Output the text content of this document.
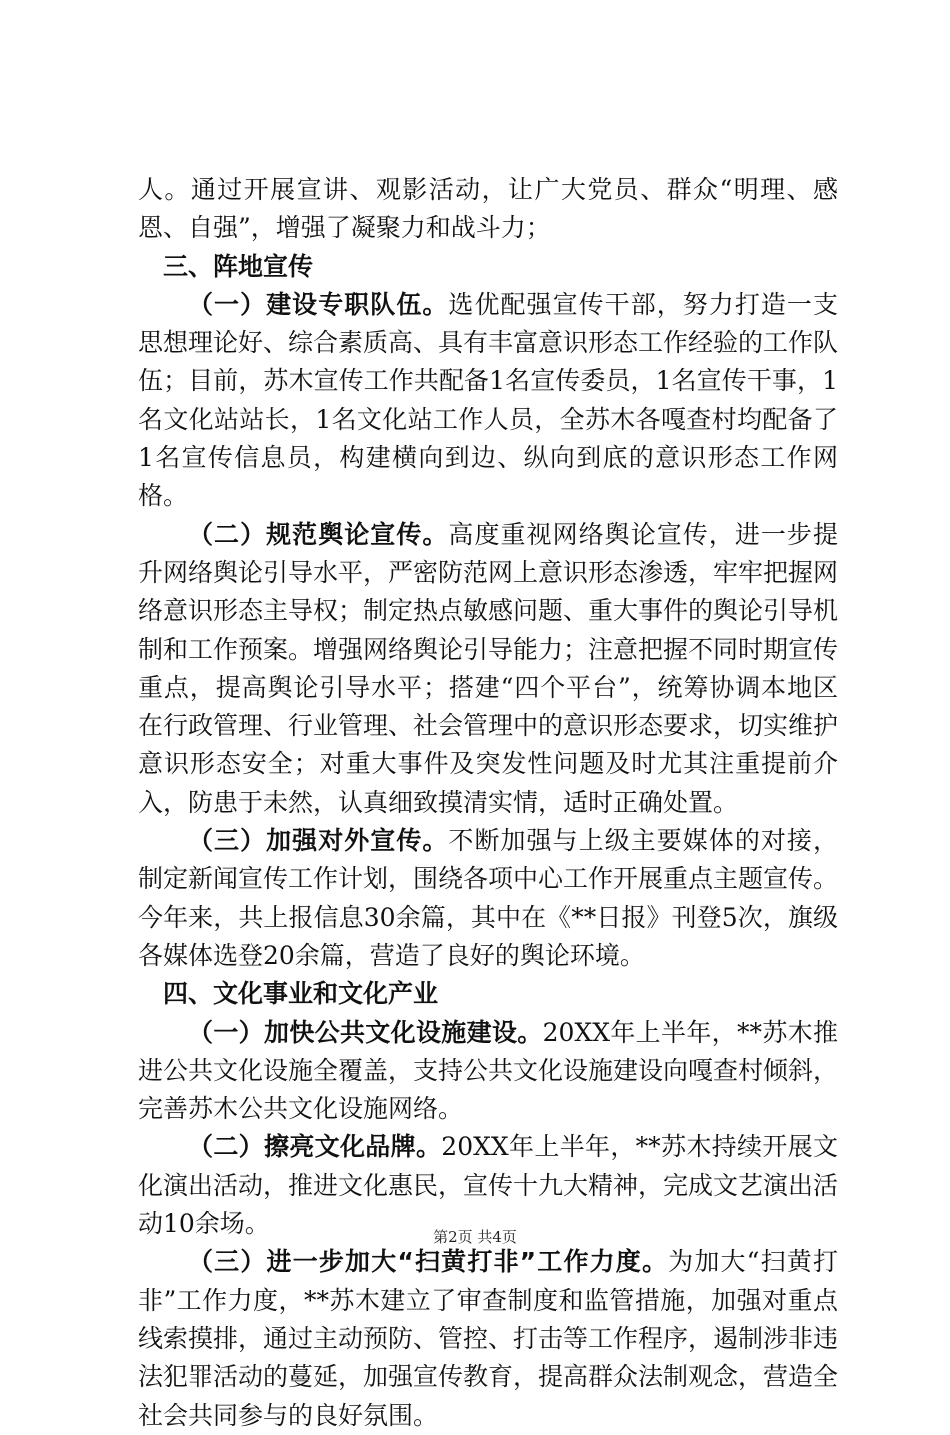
人。通过开展宣讲、观影活动，让广大党员、群众“明理、感恩、自强”，增强了凝聚力和战斗力；

三、阵地宣传

（一）建设专职队伍。选优配强宣传干部，努力打造一支思想理论好、综合素质高、具有丰富意识形态工作经验的工作队伍；目前，苏木宣传工作共配备1名宣传委员，1名宣传干事，1名文化站站长，1名文化站工作人员，全苏木各嘎查村均配备了1名宣传信息员，构建横向到边、纵向到底的意识形态工作网格。

（二）规范舆论宣传。高度重视网络舆论宣传，进一步提升网络舆论引导水平，严密防范网上意识形态渗透，牢牢把握网络意识形态主导权；制定热点敏感问题、重大事件的舆论引导机制和工作预案。增强网络舆论引导能力；注意把握不同时期宣传重点，提高舆论引导水平；搭建“四个平台”，统筹协调本地区在行政管理、行业管理、社会管理中的意识形态要求，切实维护意识形态安全；对重大事件及突发性问题及时尤其注重提前介入，防患于未然，认真细致摸清实情，适时正确处置。

（三）加强对外宣传。不断加强与上级主要媒体的对接，制定新闻宣传工作计划，围绕各项中心工作开展重点主题宣传。今年来，共上报信息30余篇，其中在《**日报》刊登5次，旗级各媒体选登20余篇，营造了良好的舆论环境。

四、文化事业和文化产业

（一）加快公共文化设施建设。20XX年上半年，**苏木推进公共文化设施全覆盖，支持公共文化设施建设向嘎查村倾斜，完善苏木公共文化设施网络。

（二）擦亮文化品牌。20XX年上半年，**苏木持续开展文化演出活动，推进文化惠民，宣传十九大精神，完成文艺演出活动10余场。

（三）进一步加大“扫黄打非”工作力度。为加大“扫黄打非”工作力度，**苏木建立了审查制度和监管措施，加强对重点线索摸排，通过主动预防、管控、打击等工作程序，遏制涉非违法犯罪活动的蔓延，加强宣传教育，提高群众法制观念，营造全社会共同参与的良好氛围。

第2页 共4页
